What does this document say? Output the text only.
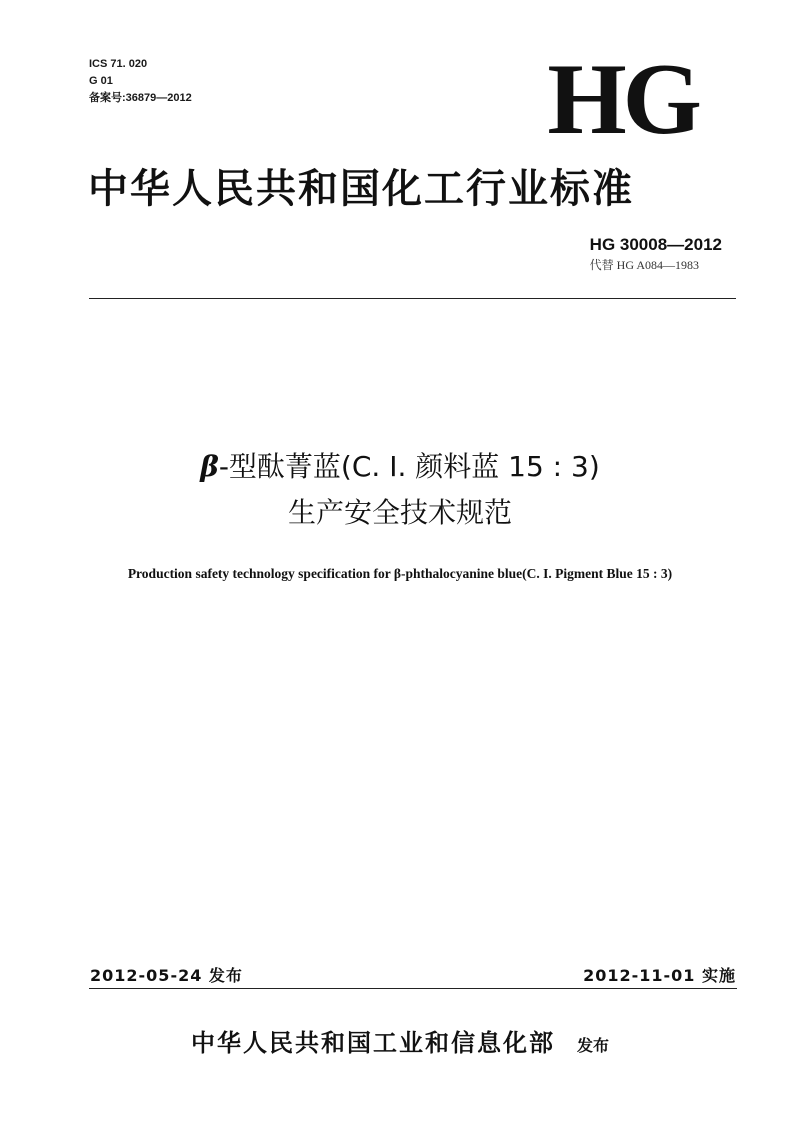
ICS 71. 020
G 01
备案号:36879—2012	HG
中华人民共和国化工行业标准
HG 30008—2012
代替 HG A084—1983
β-型酞菁蓝(C. I. 颜料蓝 15 : 3)
生产安全技术规范
Production safety technology specification for β-phthalocyanine blue(C. I. Pigment Blue 15 : 3)
2012-05-24 发布	2012-11-01 实施
中华人民共和国工业和信息化部 发布
